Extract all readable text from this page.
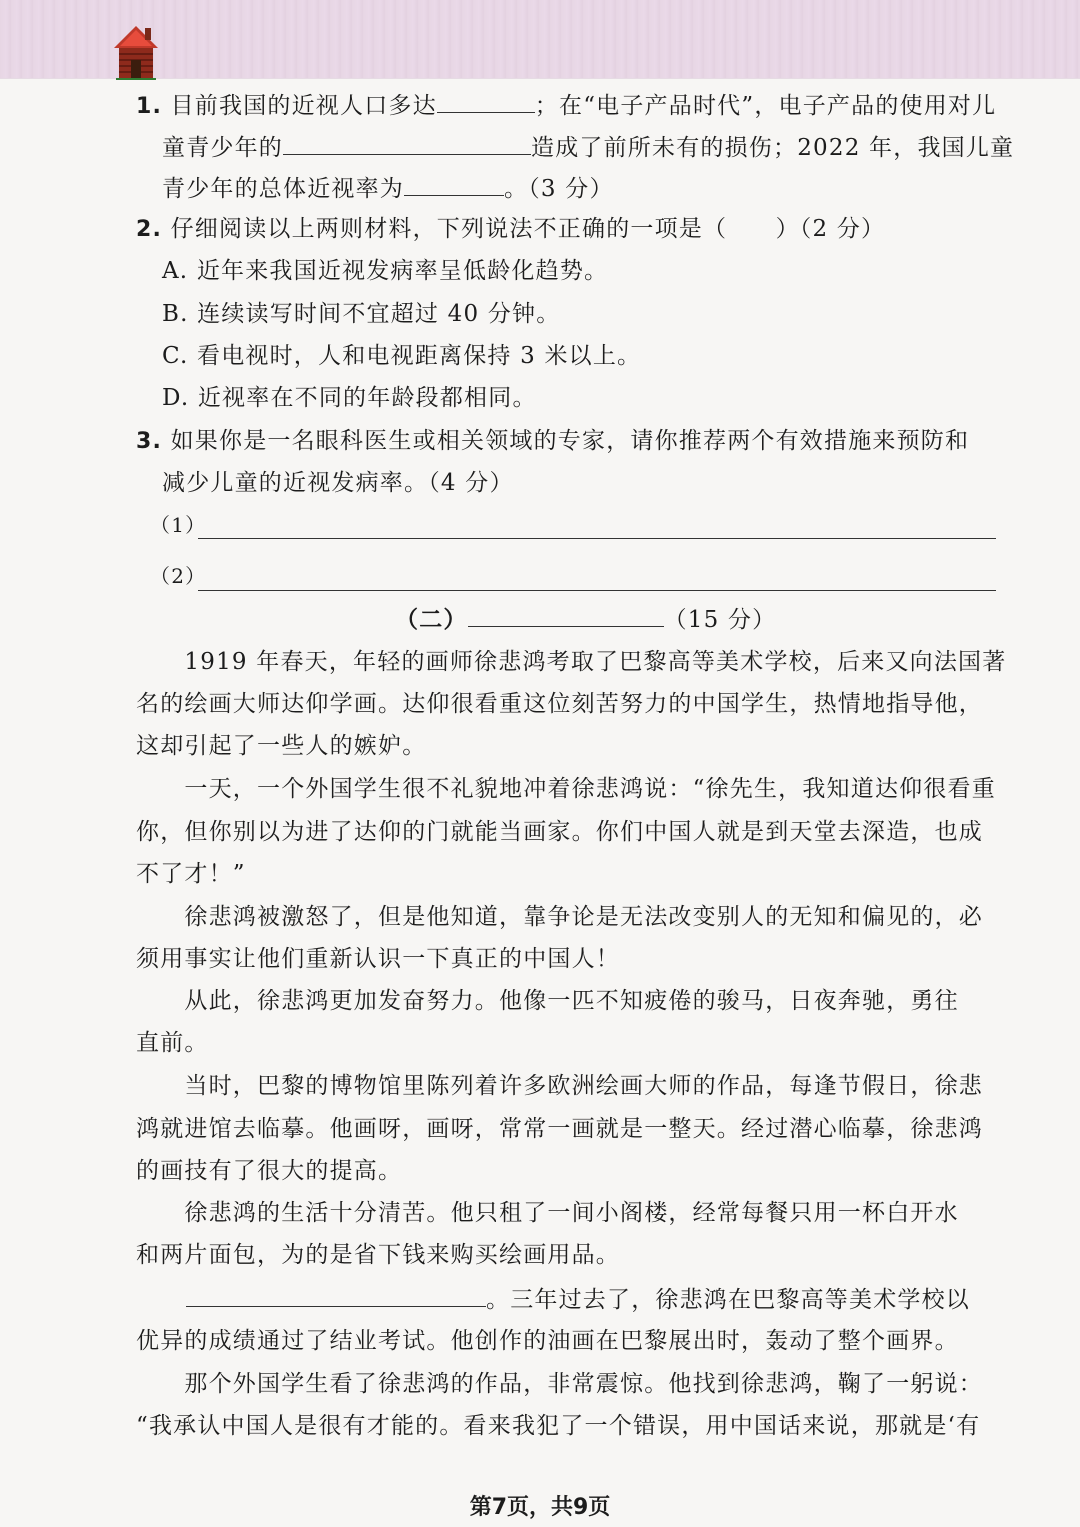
1. 目前我国的近视人口多达	；在“电子产品时代”，电子产品的使用对儿
童青少年的	造成了前所未有的损伤；2022 年，我国儿童
青少年的总体近视率为	。（3 分）
2. 仔细阅读以上两则材料，下列说法不正确的一项是（　　）（2 分）
A. 近年来我国近视发病率呈低龄化趋势。
B. 连续读写时间不宜超过 40 分钟。
C. 看电视时，人和电视距离保持 3 米以上。
D. 近视率在不同的年龄段都相同。
3. 如果你是一名眼科医生或相关领域的专家，请你推荐两个有效措施来预防和
减少儿童的近视发病率。（4 分）
（1）
（2）
（二）	（15 分）
　　1919 年春天，年轻的画师徐悲鸿考取了巴黎高等美术学校，后来又向法国著
名的绘画大师达仰学画。达仰很看重这位刻苦努力的中国学生，热情地指导他，
这却引起了一些人的嫉妒。
　　一天，一个外国学生很不礼貌地冲着徐悲鸿说：“徐先生，我知道达仰很看重
你，但你别以为进了达仰的门就能当画家。你们中国人就是到天堂去深造，也成
不了才！”
　　徐悲鸿被激怒了，但是他知道，靠争论是无法改变别人的无知和偏见的，必
须用事实让他们重新认识一下真正的中国人！
　　从此，徐悲鸿更加发奋努力。他像一匹不知疲倦的骏马，日夜奔驰，勇往
直前。
　　当时，巴黎的博物馆里陈列着许多欧洲绘画大师的作品，每逢节假日，徐悲
鸿就进馆去临摹。他画呀，画呀，常常一画就是一整天。经过潜心临摹，徐悲鸿
的画技有了很大的提高。
　　徐悲鸿的生活十分清苦。他只租了一间小阁楼，经常每餐只用一杯白开水
和两片面包，为的是省下钱来购买绘画用品。
。三年过去了，徐悲鸿在巴黎高等美术学校以
优异的成绩通过了结业考试。他创作的油画在巴黎展出时，轰动了整个画界。
　　那个外国学生看了徐悲鸿的作品，非常震惊。他找到徐悲鸿，鞠了一躬说：
“我承认中国人是很有才能的。看来我犯了一个错误，用中国话来说，那就是‘有
第7页，共9页
